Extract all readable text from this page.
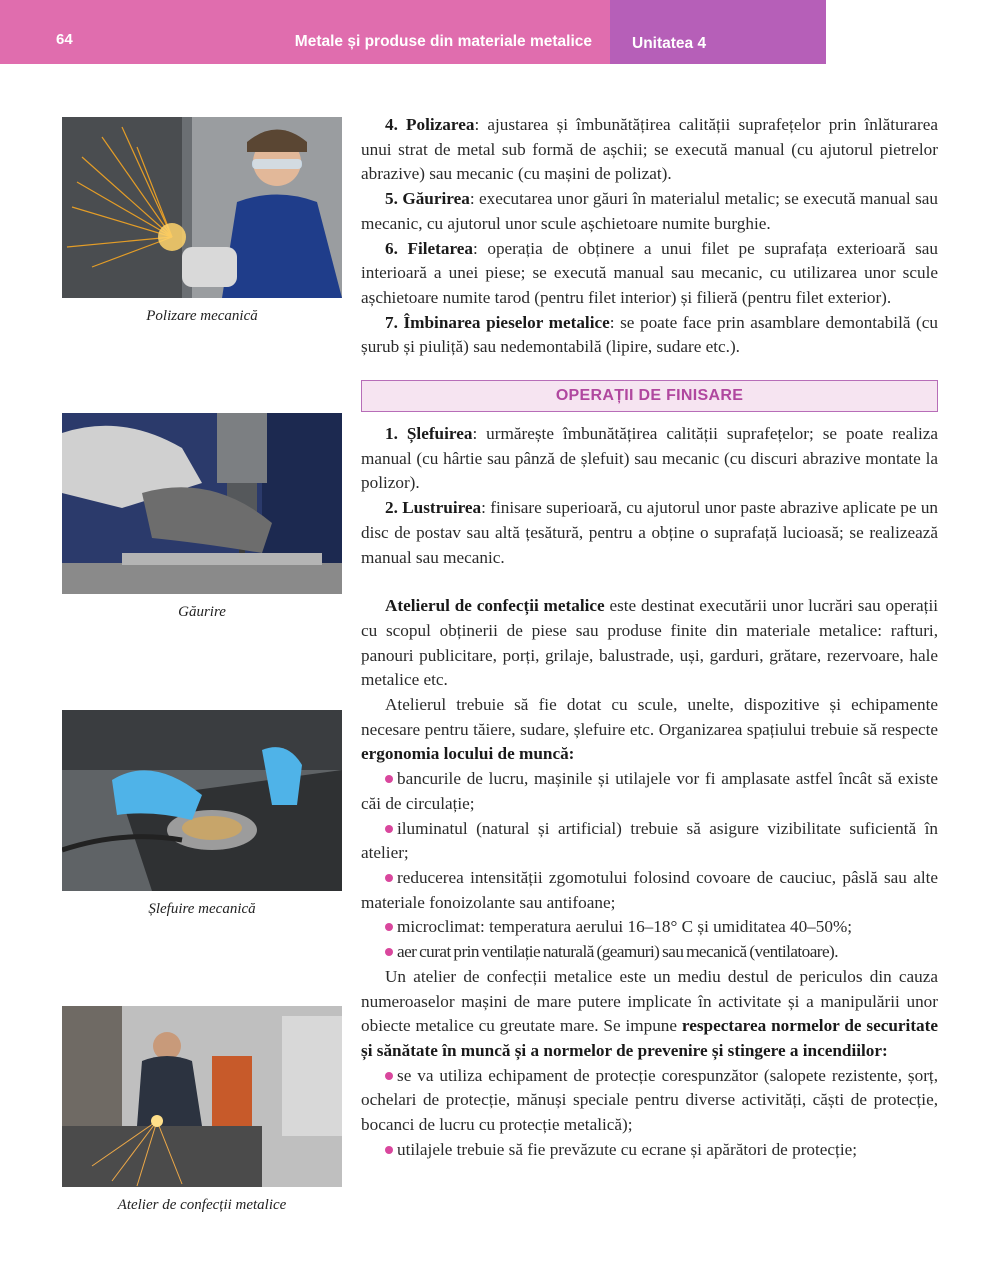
64	Metale și produse din materiale metalice	Unitatea 4
Polizare mecanică
Găurire
Șlefuire mecanică
Atelier de confecții metalice

4. Polizarea: ajustarea și îmbunătățirea calității suprafețelor prin înlăturarea unui strat de metal sub formă de așchii; se execută manual (cu ajutorul pietrelor abrazive) sau mecanic (cu mașini de polizat).

5. Găurirea: executarea unor găuri în materialul metalic; se execută manual sau mecanic, cu ajutorul unor scule așchietoare numite burghie.

6. Filetarea: operația de obținere a unui filet pe suprafața exterioară sau interioară a unei piese; se execută manual sau mecanic, cu utilizarea unor scule așchietoare numite tarod (pentru filet interior) și filieră (pentru filet exterior).

7. Îmbinarea pieselor metalice: se poate face prin asamblare demontabilă (cu șurub și piuliță) sau nedemontabilă (lipire, sudare etc.).

OPERAȚII DE FINISARE

1. Șlefuirea: urmărește îmbunătățirea calității suprafețelor; se poate realiza manual (cu hârtie sau pânză de șlefuit) sau mecanic (cu discuri abrazive montate la polizor).

2. Lustruirea: finisare superioară, cu ajutorul unor paste abrazive aplicate pe un disc de postav sau altă țesătură, pentru a obține o suprafață lucioasă; se realizează manual sau mecanic.

Atelierul de confecții metalice este destinat executării unor lucrări sau operații cu scopul obținerii de piese sau produse finite din materiale metalice: rafturi, panouri publicitare, porți, grilaje, balustrade, uși, garduri, grătare, rezervoare, hale metalice etc.

Atelierul trebuie să fie dotat cu scule, unelte, dispozitive și echipamente necesare pentru tăiere, sudare, șlefuire etc. Organizarea spațiului trebuie să respecte ergonomia locului de muncă:

bancurile de lucru, mașinile și utilajele vor fi amplasate astfel încât să existe căi de circulație;

iluminatul (natural și artificial) trebuie să asigure vizibilitate suficientă în atelier;

reducerea intensității zgomotului folosind covoare de cauciuc, pâslă sau alte materiale fonoizolante sau antifoane;

microclimat: temperatura aerului 16–18° C și umiditatea 40–50%;

aer curat prin ventilație naturală (geamuri) sau mecanică (ventilatoare).

Un atelier de confecții metalice este un mediu destul de periculos din cauza numeroaselor mașini de mare putere implicate în activitate și a manipulării unor obiecte metalice cu greutate mare. Se impune respectarea normelor de securitate și sănătate în muncă și a normelor de prevenire și stingere a incendiilor:

se va utiliza echipament de protecție corespunzător (salopete rezistente, șorț, ochelari de protecție, mănuși speciale pentru diverse activități, căști de protecție, bocanci de lucru cu protecție metalică);

utilajele trebuie să fie prevăzute cu ecrane și apărători de protecție;
